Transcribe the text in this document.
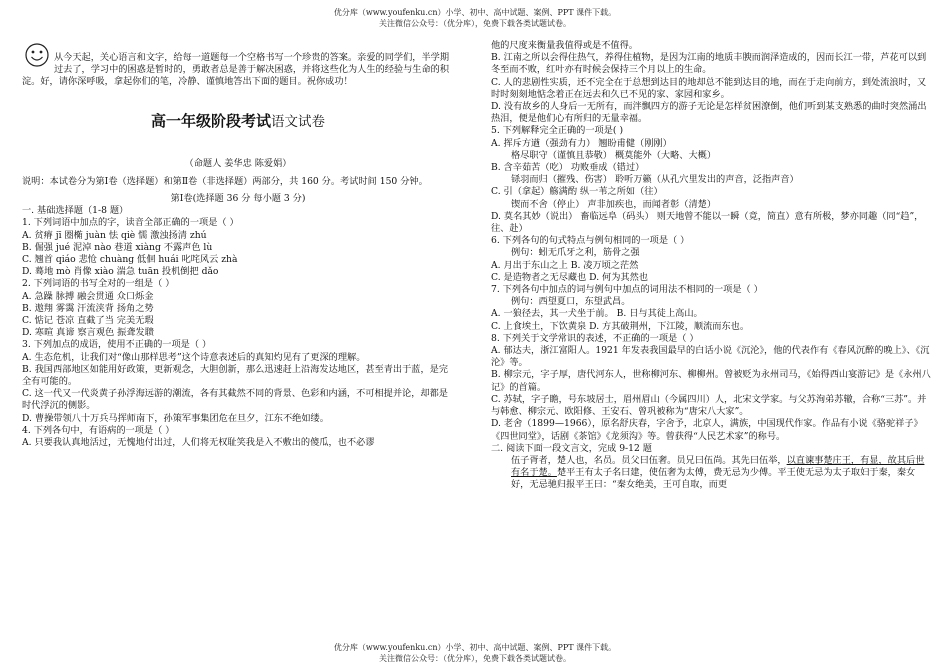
优分库（www.youfenku.cn）小学、初中、高中试题、案例、PPT 课件下载。
关注微信公众号：（优分库），免费下载各类试题试卷。

从今天起，关心语言和文字，给每一道题每一个空格书写一个珍贵的答案。亲爱的同学们，半学期过去了，学习中的困惑是暂时的，勇敢者总是善于解决困惑，并将这些化为人生的经验与生命的积淀。好，请你深呼吸，拿起你们的笔，冷静、谨慎地答出下面的题目。祝你成功！

高一年级阶段考试语文试卷

（命题人 姜华忠 陈爱娟）

说明：本试卷分为第Ⅰ卷（选择题）和第Ⅱ卷（非选择题）两部分，共 160 分。考试时间 150 分钟。

第Ⅰ卷(选择题 36 分 每小题 3 分)

一. 基础选择题（1-8 题）

1. 下列词语中加点的字，读音全部正确的一项是（ ）

A. 贫瘠 jī 圈椭 juàn 怯 qiè 懦 激浊扬清 zhú

B. 倔强 jué 泥淖 nào 巷道 xiàng 不露声色 lù

C. 翘首 qiáo 悲怆 chuàng 低佪 huái 叱咤风云 zhà

D. 蓦地 mò 肖像 xiào 湍急 tuān 投机倒把 dǎo

2. 下列词语的书写全对的一组是（ ）

A. 急躁 脉搏 融会贯通 众口烁金

B. 遨翔 雾霭 汗流浃背 扬角之势

C. 惦记 苍凉 直截了当 完美无瑕

D. 寒暄 真谛 察言观色 振聋发聩

3. 下列加点的成语，使用不正确的一项是（ ）

A. 生态危机，让我们对“像山那样思考”这个诗意表述后的真知灼见有了更深的理解。

B. 我国西部地区如能用好政策，更新观念，大胆创新，那么迅速赶上沿海发达地区，甚至青出于蓝，是完全有可能的。

C. 这一代又一代炎黄子孙浮海远游的潮流，各有其截然不同的背景、色彩和内涵，不可相提并论，却都是时代浮沉的侧影。

D. 曹操带领八十万兵马挥师南下，孙策军事集团危在旦夕，江东不绝如缕。

4. 下列各句中，有语病的一项是（ ）

A. 只要我认真地活过，无愧地付出过，人们将无权耻笑我是入不敷出的傻瓜，也不必谬

他的尺度来衡量我值得或是不值得。

B. 江南之所以会得住热气，养得住植物，是因为江南的地质丰腴而润泽造成的，因而长江一带，芦花可以到冬至而不败，红叶亦有时候会保持三个月以上的生命。

C. 人的悲剧性实质，还不完全在于总想到达目的地却总不能到达目的地，而在于走向前方，到处流浪时，又时时刻刻地惦念着正在远去和久已不见的家、家园和家乡。

D. 没有故乡的人身后一无所有，而泮飘四方的游子无论是怎样贫困潦倒，他们听到某支熟悉的曲时突然涌出热泪，便是他们心有所归的无量幸福。

5. 下列解释完全正确的一项是( )

A. 挥斥方遒（强劲有力） 翘盼甫健（刚刚）

格尽职守（谨慎且恭敬） 概莫能外（大略、大概）

B. 含辛茹苦（吃） 功败垂成（错过）

铩羽而归（摧残、伤害） 聆听万籁（从孔穴里发出的声音，泛指声音）

C. 引（拿起）觞满酌 纵一苇之所如（往）

锲而不舍（停止） 声非加疾也，而闻者彰（清楚）

D. 莫名其妙（说出） 畜临远阜（码头） 则天地曾不能以一瞬（竟，简直）意有所极，梦亦同趣（同“趋”，往、赴）

6. 下列各句的句式特点与例句相同的一项是（ ）

例句：蚓无爪牙之利，筋骨之强

A. 月出于东山之上 B. 凌万顷之茫然

C. 是造物者之无尽藏也 D. 何为其然也

7. 下列各句中加点的词与例句中加点的词用法不相同的一项是（ ）

例句：西望夏口，东望武昌。

A. 一狼径去，其一犬坐于前。 B. 日与其徒上高山。

C. 上食埃土，下饮黄泉 D. 方其破荆州，下江陵，顺流而东也。

8. 下列关于文学常识的表述，不正确的一项是（ ）

A. 郁达夫，浙江富阳人。1921 年发表我国最早的白话小说《沉沦》，他的代表作有《春风沉醉的晚上》、《沉沦》等。

B. 柳宗元，字子厚，唐代河东人，世称柳河东、柳柳州。曾被贬为永州司马，《始得西山宴游记》是《永州八记》的首篇。

C. 苏轼，字子瞻，号东坡居士，眉州眉山（今属四川）人，北宋文学家。与父苏洵弟苏辙，合称“三苏”。并与韩愈、柳宗元、欧阳修、王安石、曾巩被称为“唐宋八大家”。

D. 老舍（1899—1966），原名舒庆春，字舍予，北京人，满族，中国现代作家。作品有小说《骆驼祥子》《四世同堂》，话剧《茶馆》《龙须沟》等。曾获得“人民艺术家”的称号。

二. 阅读下面一段文言文，完成 9-12 题

伍子胥者，楚人也，名员。员父曰伍奢。员兄曰伍尚。其先曰伍举，以直谏事楚庄王，有显，故其后世有名于楚。楚平王有太子名曰建，使伍奢为太傅，费无忌为少傅。平王使无忌为太子取妇于秦，秦女好，无忌驰归报平王曰：“秦女绝美，王可自取，而更

优分库（www.youfenku.cn）小学、初中、高中试题、案例、PPT 课件下载。
关注微信公众号：（优分库），免费下载各类试题试卷。
